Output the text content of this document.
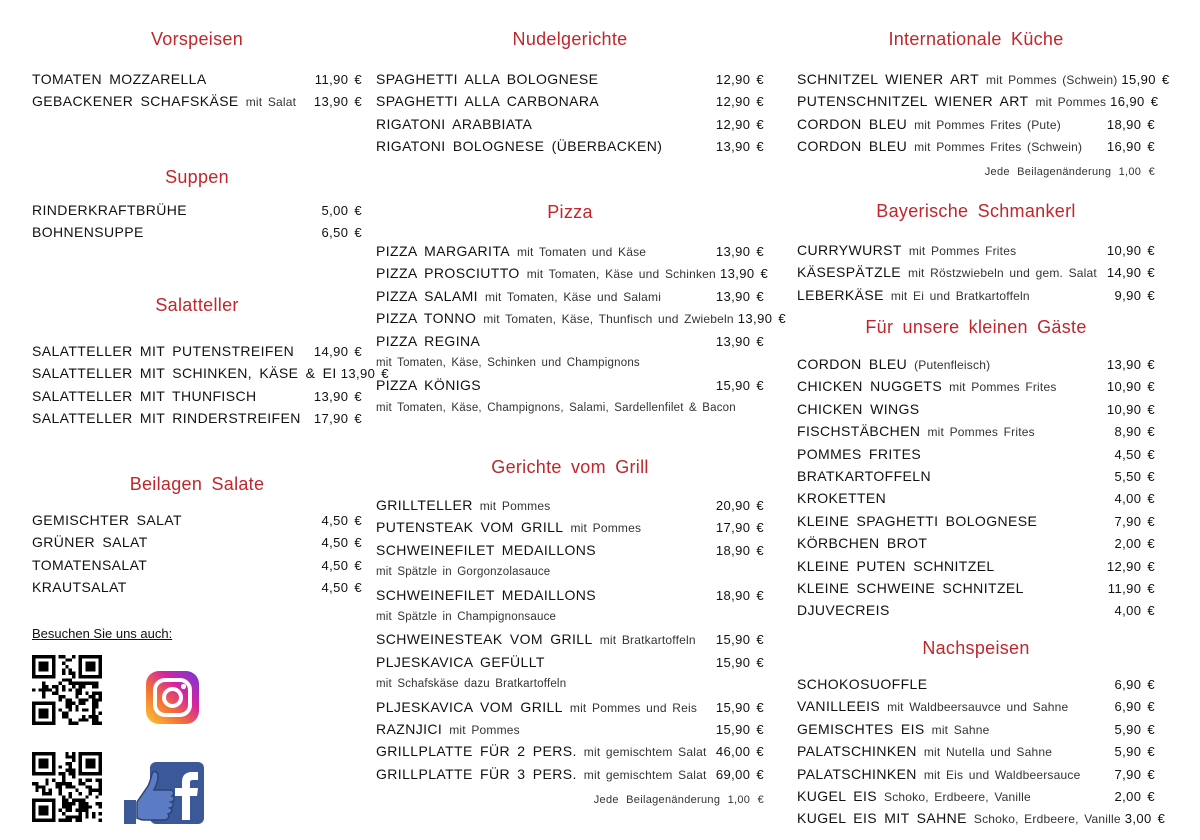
Vorspeisen
TOMATEN MOZZARELLA	11,90 €
GEBACKENER SCHAFSKÄSE mit Salat 13,90 €
Suppen
RINDERKRAFTBRÜHE	5,00 €
BOHNENSUPPE	6,50 €
Salatteller
SALATTELLER MIT PUTENSTREIFEN 14,90 €
SALATTELLER MIT SCHINKEN, KÄSE & EI 13,90 €
SALATTELLER MIT THUNFISCH	13,90 €
SALATTELLER MIT RINDERSTREIFEN 17,90 €
Beilagen Salate
GEMISCHTER SALAT	4,50 €
GRÜNER SALAT	4,50 €
TOMATENSALAT	4,50 €
KRAUTSALAT	4,50 €
Besuchen Sie uns auch:
Nudelgerichte
SPAGHETTI ALLA BOLOGNESE	12,90 €
SPAGHETTI ALLA CARBONARA	12,90 €
RIGATONI ARABBIATA	12,90 €
RIGATONI BOLOGNESE (ÜBERBACKEN)	13,90 €
Pizza
PIZZA MARGARITA mit Tomaten und Käse	13,90 €
PIZZA PROSCIUTTO mit Tomaten, Käse und Schinken 13,90 €
PIZZA SALAMI mit Tomaten, Käse und Salami	13,90 €
PIZZA TONNO mit Tomaten, Käse, Thunfisch und Zwiebeln 13,90 €
PIZZA REGINA	13,90 €
mit Tomaten, Käse, Schinken und Champignons
PIZZA KÖNIGS	15,90 €
mit Tomaten, Käse, Champignons, Salami, Sardellenfilet & Bacon
Gerichte vom Grill
GRILLTELLER mit Pommes	20,90 €
PUTENSTEAK VOM GRILL mit Pommes	17,90 €
SCHWEINEFILET MEDAILLONS	18,90 €
mit Spätzle in Gorgonzolasauce
SCHWEINEFILET MEDAILLONS	18,90 €
mit Spätzle in Champignonsauce
SCHWEINESTEAK VOM GRILL mit Bratkartoffeln 15,90 €
PLJESKAVICA GEFÜLLT	15,90 €
mit Schafskäse dazu Bratkartoffeln
PLJESKAVICA VOM GRILL mit Pommes und Reis 15,90 €
RAZNJICI mit Pommes	15,90 €
GRILLPLATTE FÜR 2 PERS. mit gemischtem Salat 46,00 €
GRILLPLATTE FÜR 3 PERS. mit gemischtem Salat 69,00 €
Jede Beilagenänderung 1,00 €
Internationale Küche
SCHNITZEL WIENER ART mit Pommes (Schwein) 15,90 €
PUTENSCHNITZEL WIENER ART mit Pommes 16,90 €
CORDON BLEU mit Pommes Frites (Pute)	18,90 €
CORDON BLEU mit Pommes Frites (Schwein) 16,90 €
Jede Beilagenänderung 1,00 €
Bayerische Schmankerl
CURRYWURST mit Pommes Frites	10,90 €
KÄSESPÄTZLE mit Röstzwiebeln und gem. Salat 14,90 €
LEBERKÄSE mit Ei und Bratkartoffeln	9,90 €
Für unsere kleinen Gäste
CORDON BLEU (Putenfleisch)	13,90 €
CHICKEN NUGGETS mit Pommes Frites	10,90 €
CHICKEN WINGS	10,90 €
FISCHSTÄBCHEN mit Pommes Frites	8,90 €
POMMES FRITES	4,50 €
BRATKARTOFFELN	5,50 €
KROKETTEN	4,00 €
KLEINE SPAGHETTI BOLOGNESE	7,90 €
KÖRBCHEN BROT	2,00 €
KLEINE PUTEN SCHNITZEL	12,90 €
KLEINE SCHWEINE SCHNITZEL	11,90 €
DJUVECREIS	4,00 €
Nachspeisen
SCHOKOSUOFFLE	6,90 €
VANILLEEIS mit Waldbeersauvce und Sahne	6,90 €
GEMISCHTES EIS mit Sahne	5,90 €
PALATSCHINKEN mit Nutella und Sahne	5,90 €
PALATSCHINKEN mit Eis und Waldbeersauce	7,90 €
KUGEL EIS Schoko, Erdbeere, Vanille	2,00 €
KUGEL EIS MIT SAHNE Schoko, Erdbeere, Vanille 3,00 €
